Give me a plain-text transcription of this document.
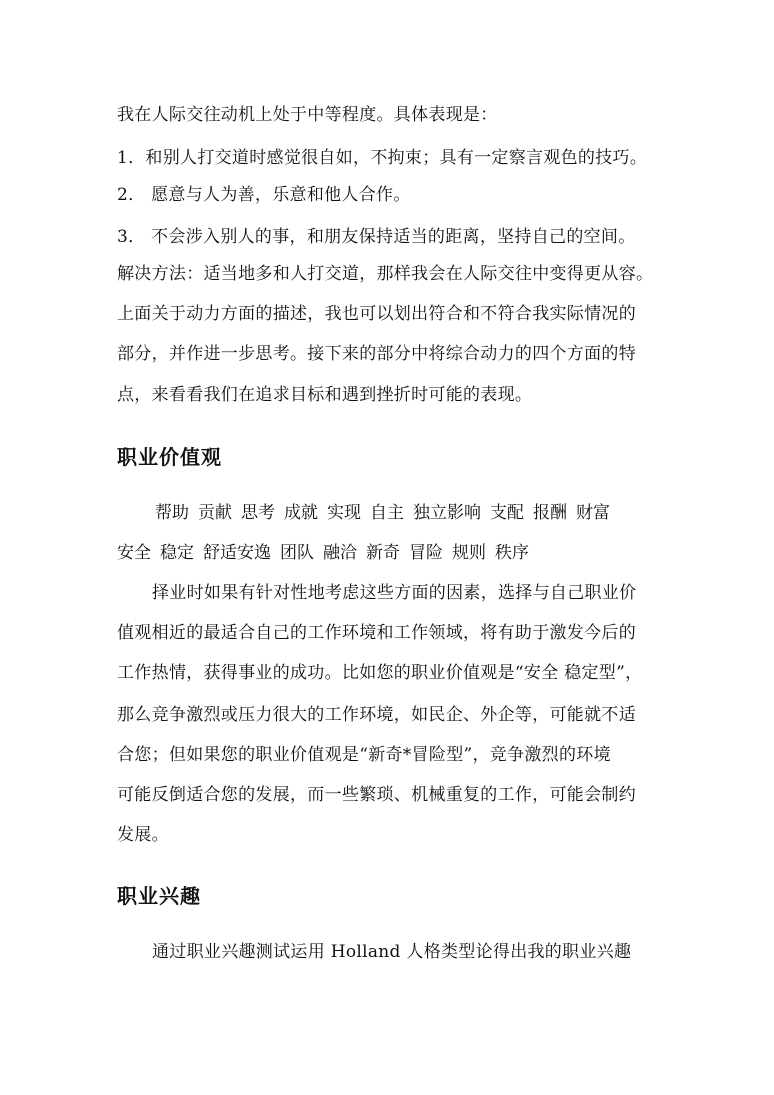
我在人际交往动机上处于中等程度。具体表现是：
1．和别人打交道时感觉很自如，不拘束；具有一定察言观色的技巧。
2． 愿意与人为善，乐意和他人合作。
3． 不会涉入别人的事，和朋友保持适当的距离，坚持自己的空间。
解决方法：适当地多和人打交道，那样我会在人际交往中变得更从容。
上面关于动力方面的描述，我也可以划出符合和不符合我实际情况的
部分，并作进一步思考。接下来的部分中将综合动力的四个方面的特
点，来看看我们在追求目标和遇到挫折时可能的表现。
职业价值观
帮助 贡献 思考 成就 实现 自主 独立影响 支配 报酬 财富
安全 稳定 舒适安逸 团队 融洽 新奇 冒险 规则 秩序
择业时如果有针对性地考虑这些方面的因素，选择与自己职业价
值观相近的最适合自己的工作环境和工作领域，将有助于激发今后的
工作热情，获得事业的成功。比如您的职业价值观是“安全 稳定型”，
那么竞争激烈或压力很大的工作环境，如民企、外企等，可能就不适
合您；但如果您的职业价值观是“新奇*冒险型”，竞争激烈的环境
可能反倒适合您的发展，而一些繁琐、机械重复的工作，可能会制约
发展。
职业兴趣
通过职业兴趣测试运用 Holland 人格类型论得出我的职业兴趣
